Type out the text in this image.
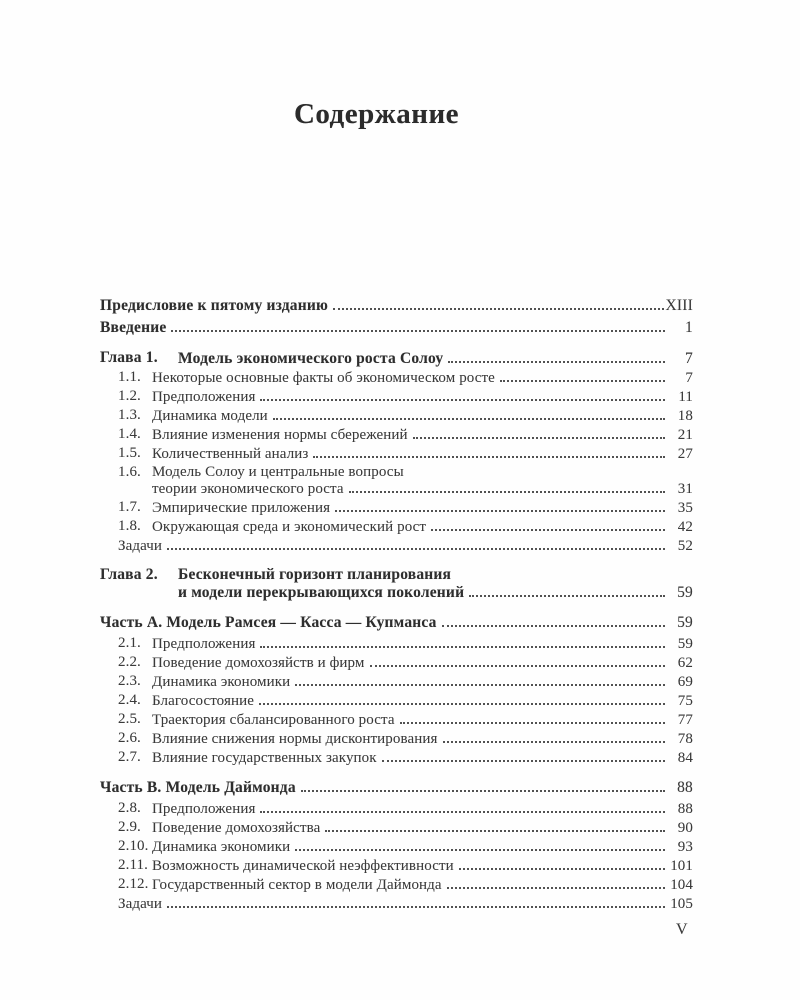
Содержание
Предисловие к пятому изданию	XIII
Введение	1
Глава 1.	Модель экономического роста Солоу	7
1.1. Некоторые основные факты об экономическом росте	7
1.2. Предположения	11
1.3. Динамика модели	18
1.4. Влияние изменения нормы сбережений	21
1.5. Количественный анализ	27
1.6. Модель Солоу и центральные вопросы
теории экономического роста	31
1.7. Эмпирические приложения	35
1.8. Окружающая среда и экономический рост	42
Задачи	52
Глава 2.	Бесконечный горизонт планирования
и модели перекрывающихся поколений	59
Часть А. Модель Рамсея — Касса — Купманса	59
2.1. Предположения	59
2.2. Поведение домохозяйств и фирм	62
2.3. Динамика экономики	69
2.4. Благосостояние	75
2.5. Траектория сбалансированного роста	77
2.6. Влияние снижения нормы дисконтирования	78
2.7. Влияние государственных закупок	84
Часть В. Модель Даймонда	88
2.8. Предположения	88
2.9. Поведение домохозяйства	90
2.10. Динамика экономики	93
2.11. Возможность динамической неэффективности	101
2.12. Государственный сектор в модели Даймонда	104
Задачи	105
V
